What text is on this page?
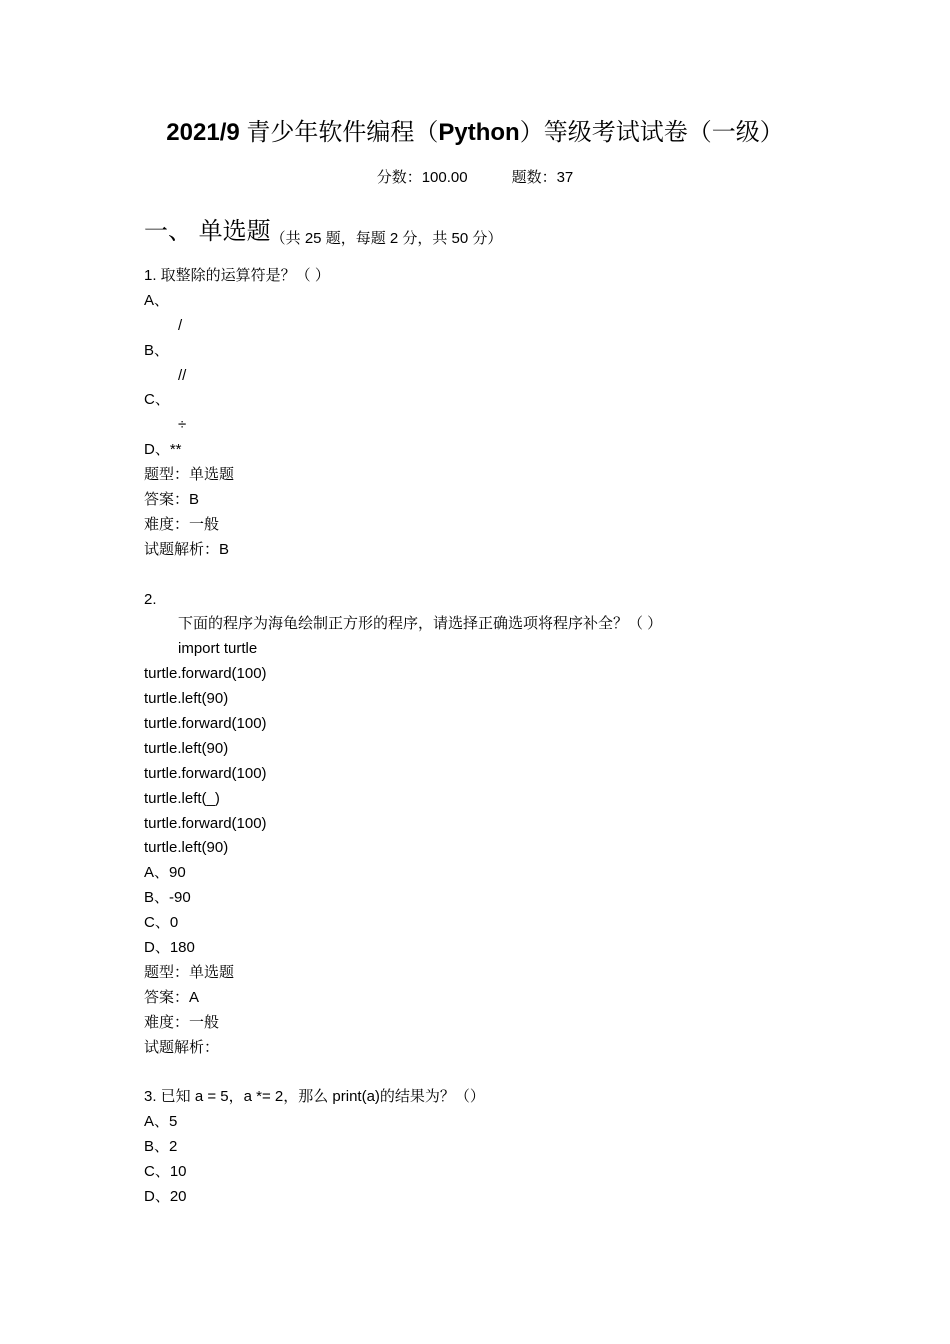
2021/9 青少年软件编程（Python）等级考试试卷（一级）
分数：100.00	题数：37
一、 单选题（共 25 题，每题 2 分，共 50 分）
1. 取整除的运算符是？（ ）
A、
/
B、
//
C、
÷
D、**
题型：单选题
答案：B
难度：一般
试题解析：B
2.
下面的程序为海龟绘制正方形的程序，请选择正确选项将程序补全？（ ）
import turtle
turtle.forward(100)
turtle.left(90)
turtle.forward(100)
turtle.left(90)
turtle.forward(100)
turtle.left(_)
turtle.forward(100)
turtle.left(90)
A、90
B、-90
C、0
D、180
题型：单选题
答案：A
难度：一般
试题解析：
3. 已知 a = 5，a *= 2，那么 print(a)的结果为？（）
A、5
B、2
C、10
D、20
